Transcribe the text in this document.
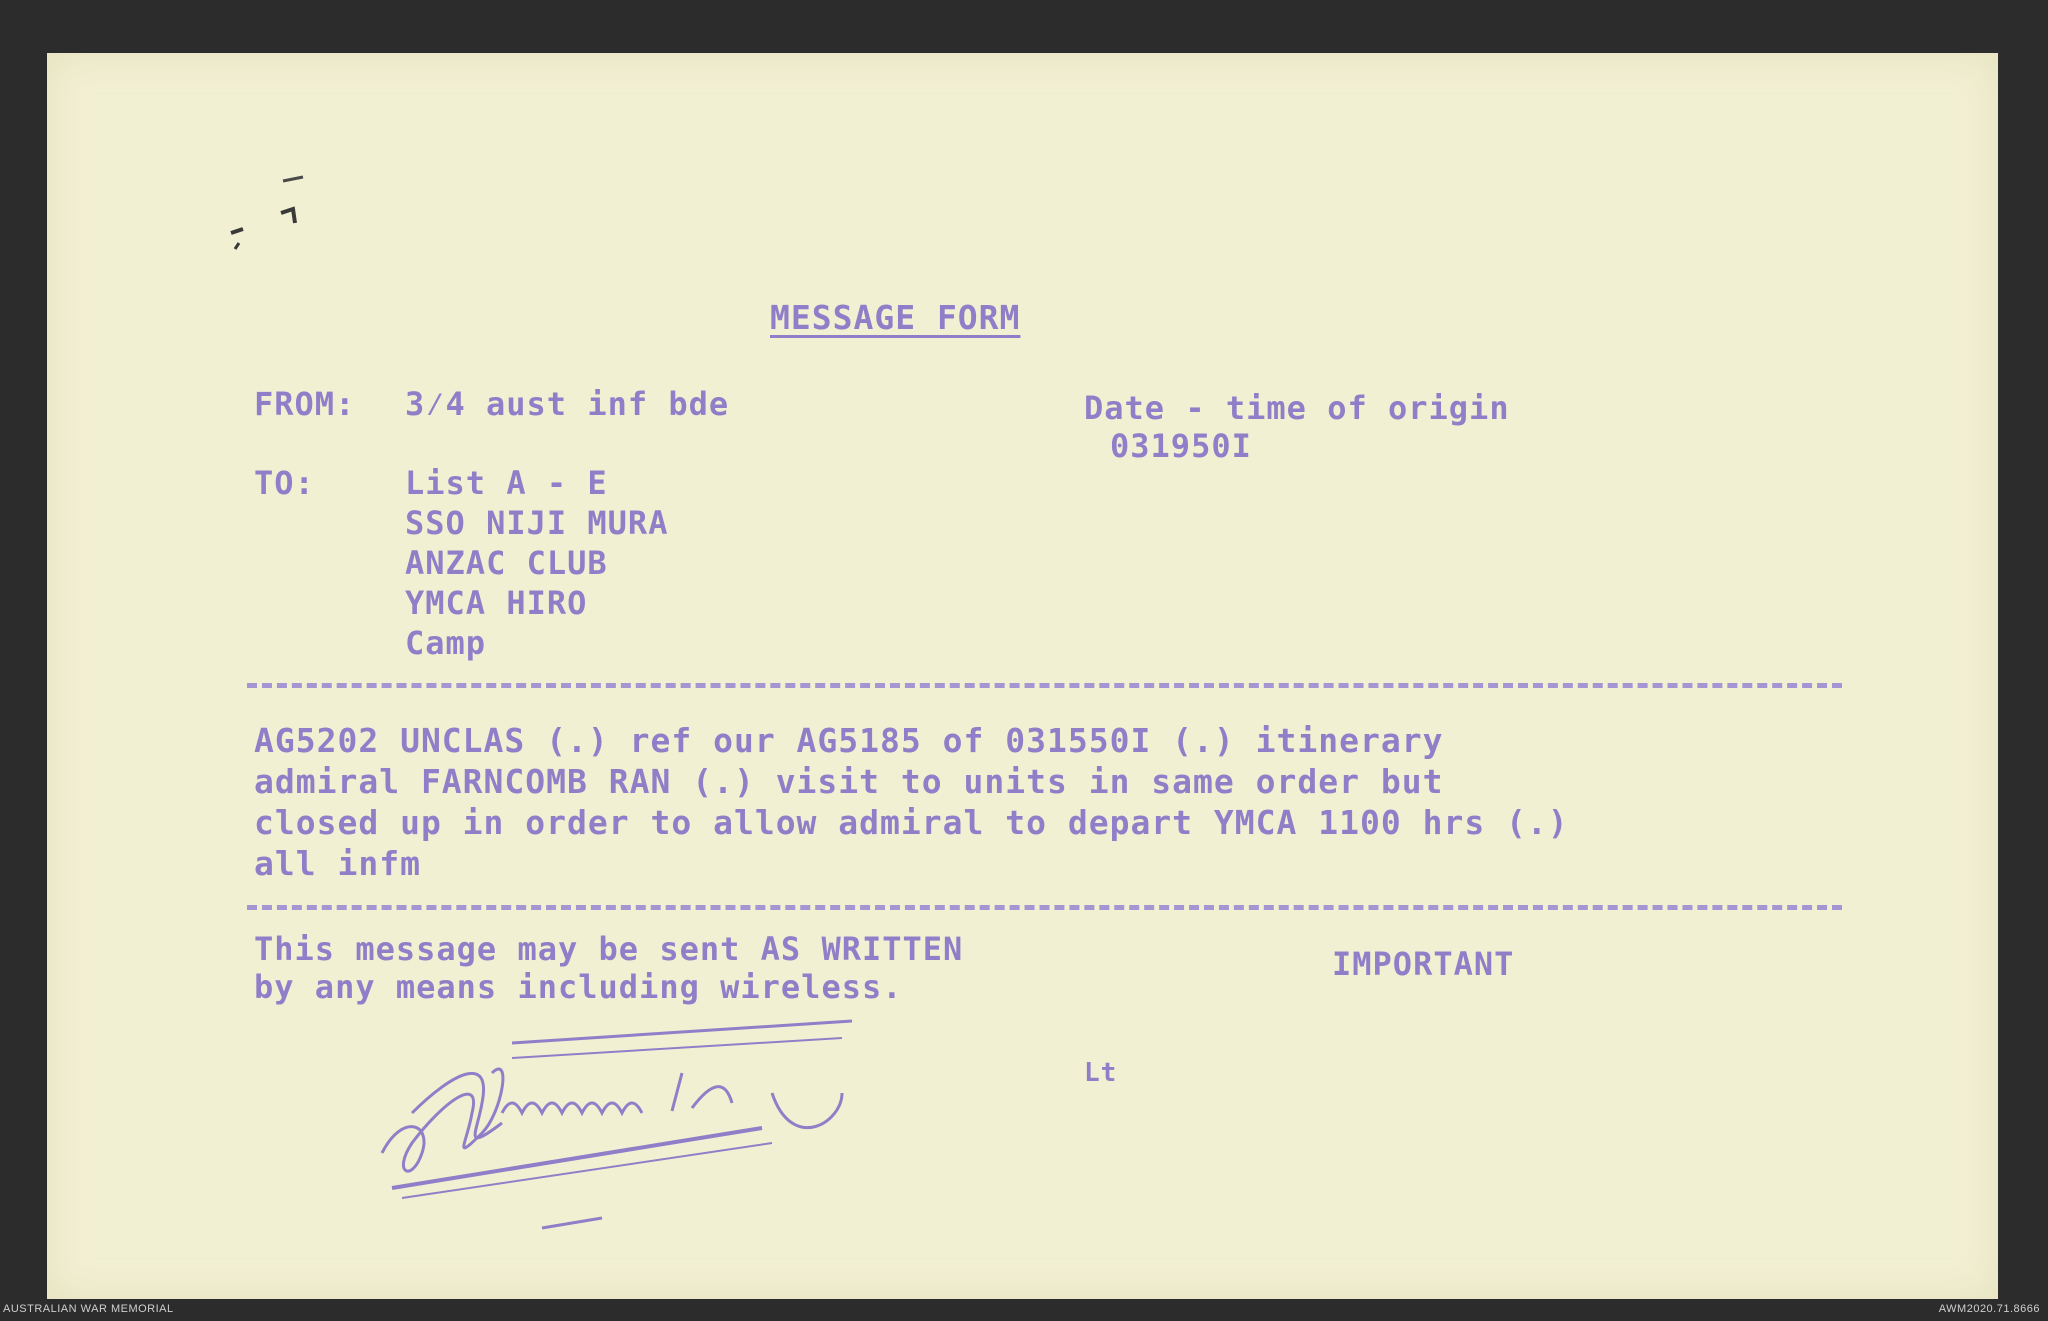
MESSAGE FORM
FROM: 3⁄4 aust inf bde	Date - time of origin
031950I
TO:	List A - E
SSO NIJI MURA
ANZAC CLUB
YMCA HIRO
Camp
AG5202 UNCLAS (.) ref our AG5185 of 031550I (.) itinerary
admiral FARNCOMB RAN (.) visit to units in same order but
closed up in order to allow admiral to depart YMCA 1100 hrs (.)
all infm
This message may be sent AS WRITTEN
by any means including wireless.
IMPORTANT
Lt
AUSTRALIAN WAR MEMORIAL	AWM2020.71.8666
